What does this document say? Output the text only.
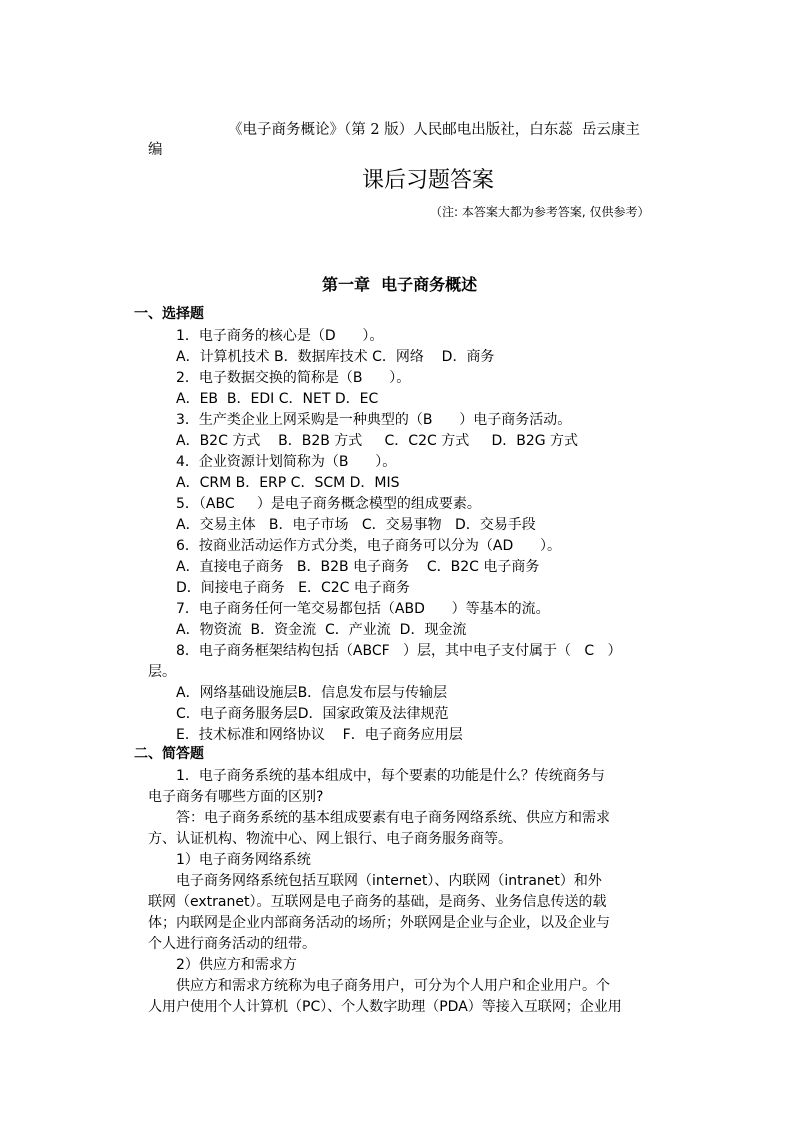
《电子商务概论》（第 2 版）人民邮电出版社，白东蕊  岳云康主
编
课后习题答案
（注: 本答案大都为参考答案, 仅供参考）
第一章  电子商务概述
一、选择题
1．电子商务的核心是（D      ）。
A．计算机技术 B．数据库技术 C．网络    D．商务
2．电子数据交换的简称是（B      ）。
A．EB  B．EDI C．NET D．EC
3．生产类企业上网采购是一种典型的（B      ）电子商务活动。
A．B2C 方式    B．B2B 方式     C．C2C 方式     D．B2G 方式
4．企业资源计划简称为（B      ）。
A．CRM B．ERP C．SCM D．MIS
5．（ABC     ）是电子商务概念模型的组成要素。
A．交易主体   B．电子市场   C．交易事物   D．交易手段
6．按商业活动运作方式分类，电子商务可以分为（AD      ）。
A．直接电子商务   B．B2B 电子商务    C．B2C 电子商务
D．间接电子商务   E．C2C 电子商务
7．电子商务任何一笔交易都包括（ABD      ）等基本的流。
A．物资流  B．资金流  C．产业流  D．现金流
8．电子商务框架结构包括（ABCF   ）层，其中电子支付属于（   C   ）
层。
A．网络基础设施层B．信息发布层与传输层
C．电子商务服务层D．国家政策及法律规范
E．技术标准和网络协议    F．电子商务应用层
二、简答题
1．电子商务系统的基本组成中，每个要素的功能是什么？传统商务与
电子商务有哪些方面的区别?
答：电子商务系统的基本组成要素有电子商务网络系统、供应方和需求
方、认证机构、物流中心、网上银行、电子商务服务商等。
1）电子商务网络系统
电子商务网络系统包括互联网（internet）、内联网（intranet）和外
联网（extranet）。互联网是电子商务的基础，是商务、业务信息传送的载
体；内联网是企业内部商务活动的场所；外联网是企业与企业，以及企业与
个人进行商务活动的纽带。
2）供应方和需求方
供应方和需求方统称为电子商务用户，可分为个人用户和企业用户。个
人用户使用个人计算机（PC）、个人数字助理（PDA）等接入互联网；企业用
